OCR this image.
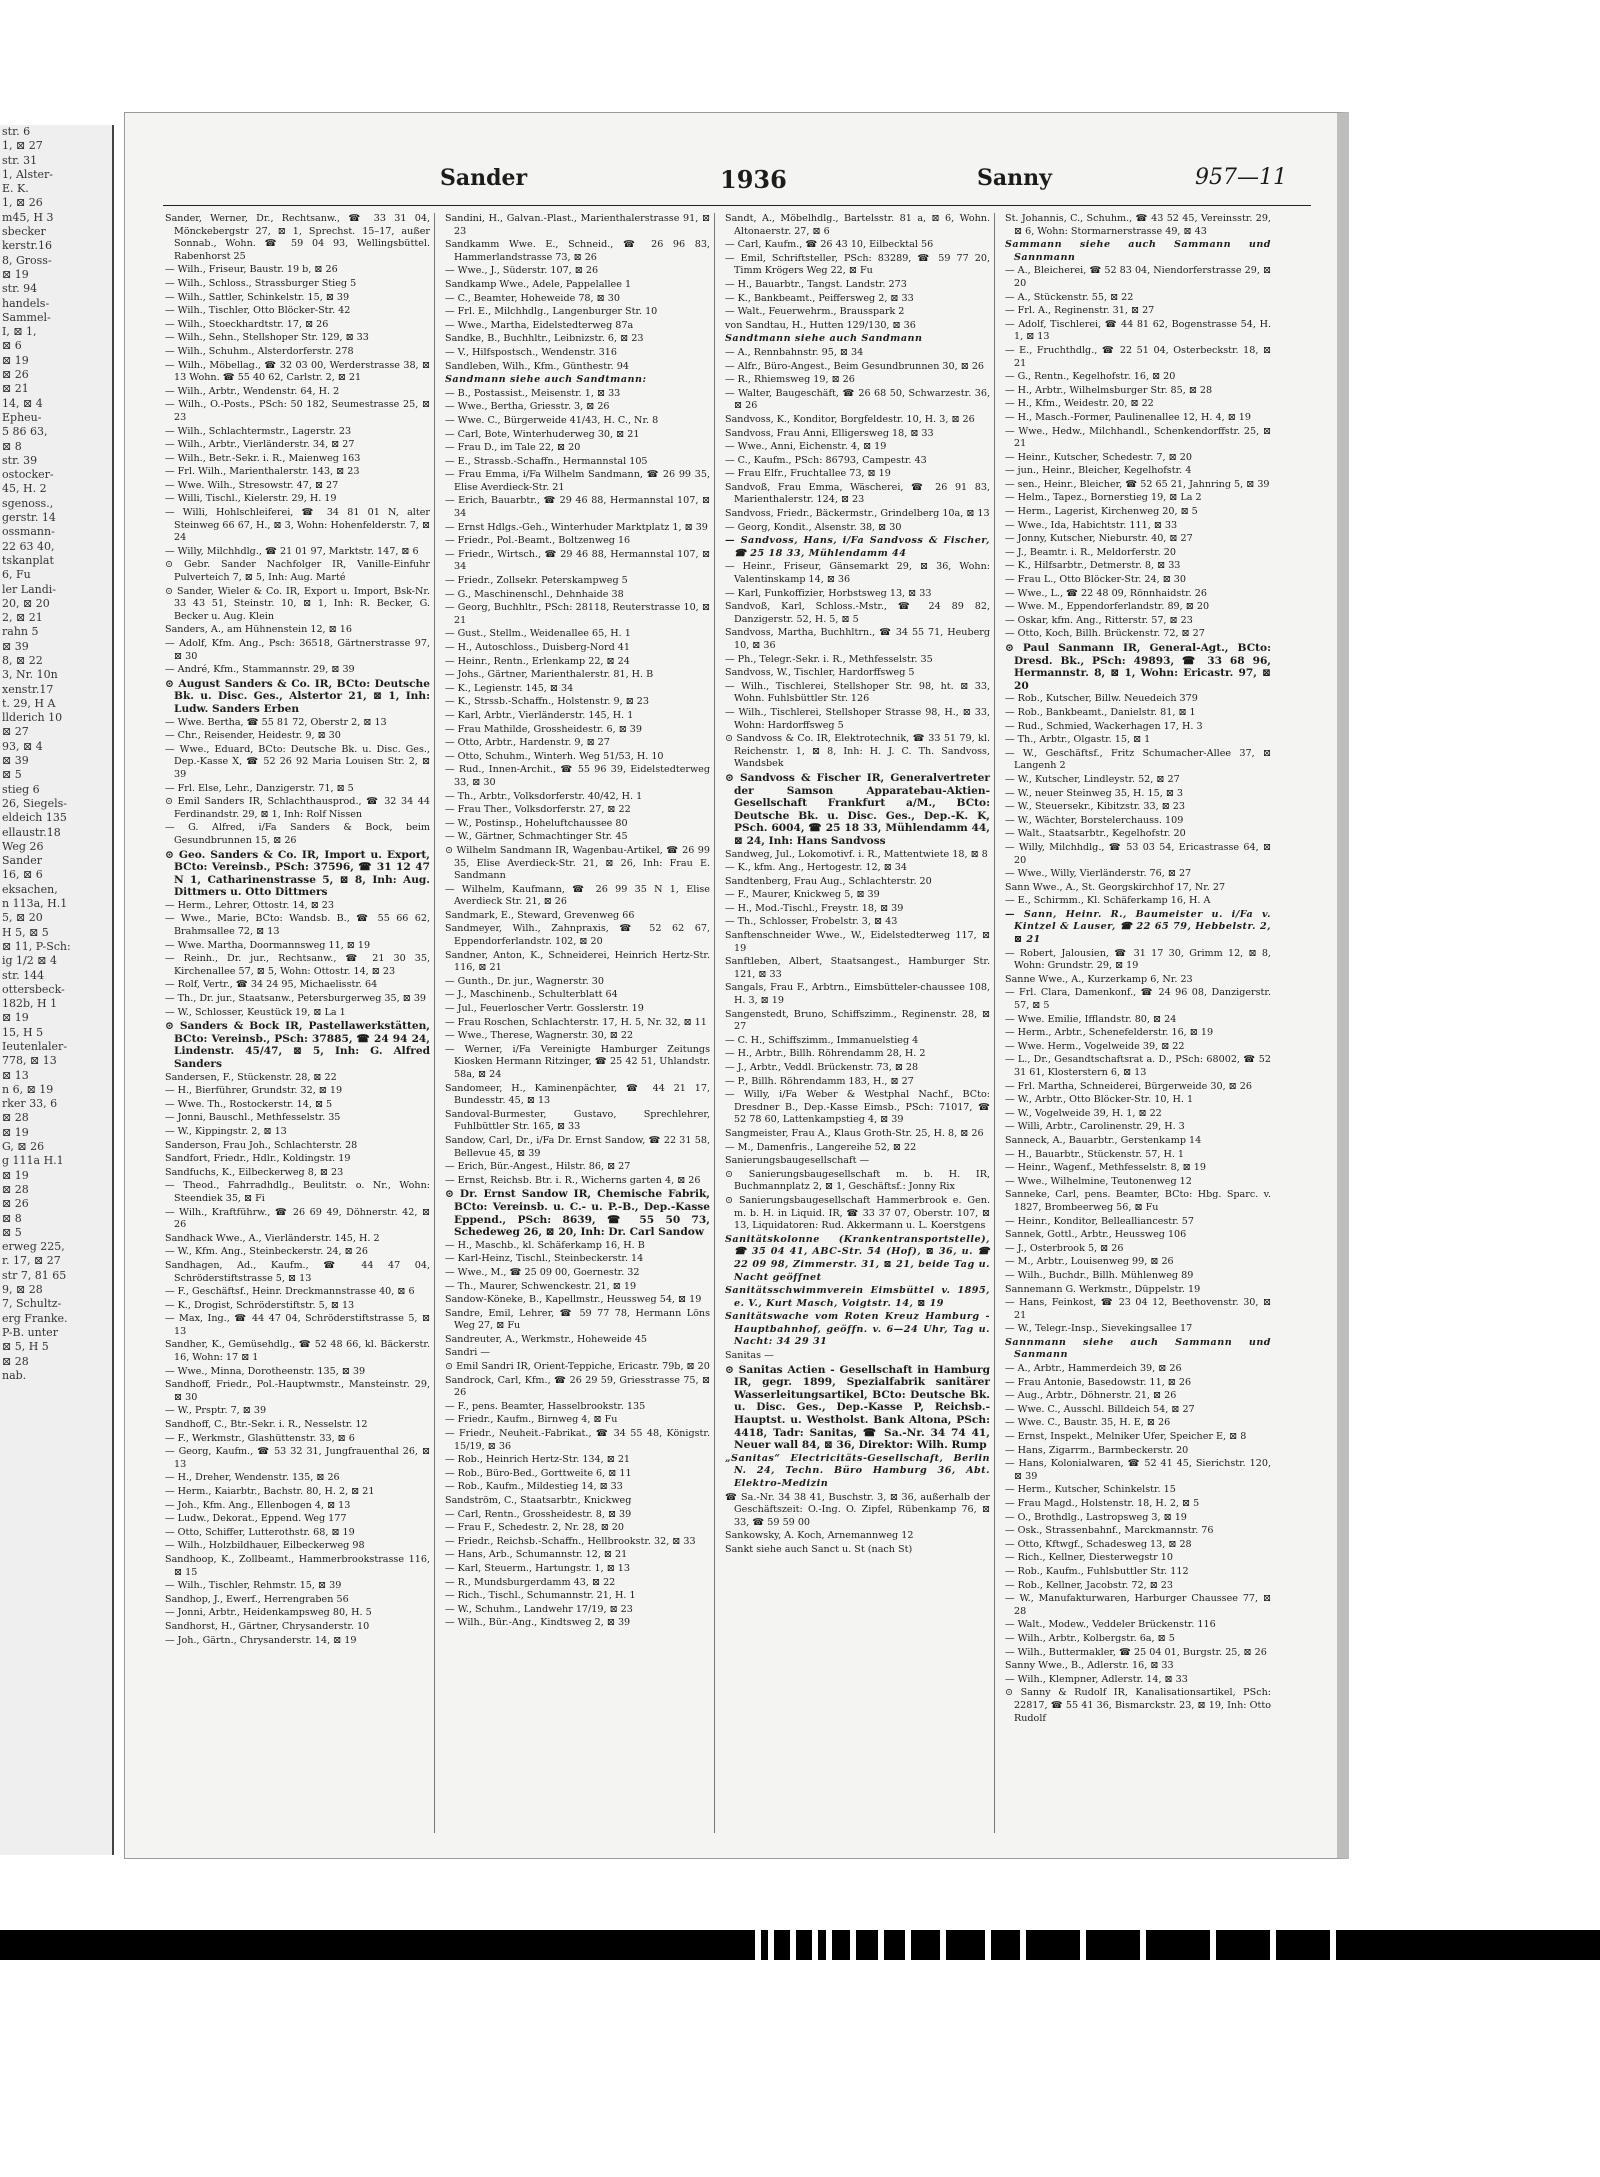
str. 6
1, ⊠ 27
str. 31
1, Alster-
E. K.
1, ⊠ 26
m45, H 3
sbecker
kerstr.16
8, Gross-
⊠ 19
str. 94
handels-
Sammel-
I, ⊠ 1,
⊠ 6
⊠ 19
⊠ 26
⊠ 21
14, ⊠ 4
Epheu-
5 86 63,
⊠ 8
str. 39
ostocker-
45, H. 2
sgenoss.,
gerstr. 14
ossmann-
22 63 40,
tskanplat
6, Fu
ler Landi-
20, ⊠ 20
2, ⊠ 21
rahn 5
⊠ 39
8, ⊠ 22
3, Nr. 10n
xenstr.17
t. 29, H A
llderich 10
⊠ 27
93, ⊠ 4
⊠ 39
⊠ 5
stieg 6
26, Siegels-
eldeich 135
ellaustr.18
Weg 26
Sander
16, ⊠ 6
eksachen,
n 113a, H.1
5, ⊠ 20
H 5, ⊠ 5
⊠ 11, P-Sch:
ig 1/2 ⊠ 4
str. 144
ottersbeck-
182b, H 1
⊠ 19
15, H 5
Ieutenlaler-
778, ⊠ 13
⊠ 13
n 6, ⊠ 19
rker 33, 6
⊠ 28
⊠ 19
G, ⊠ 26
g 111a H.1
⊠ 19
⊠ 28
⊠ 26
⊠ 8
⊠ 5
erweg 225,
r. 17, ⊠ 27
str 7, 81 65
9, ⊠ 28
7, Schultz-
erg Franke.
P-B. unter
⊠ 5, H 5
⊠ 28
nab.
Sander	1936	Sanny	957—11
Sander, Werner, Dr., Rechtsanw., ☎ 33 31 04, Mönckebergstr 27, ⊠ 1, Sprechst. 15–17, außer Sonnab., Wohn. ☎ 59 04 93, Wellingsbüttel. Rabenhorst 25
— Wilh., Friseur, Baustr. 19 b, ⊠ 26
— Wilh., Schloss., Strassburger Stieg 5
— Wilh., Sattler, Schinkelstr. 15, ⊠ 39
— Wilh., Tischler, Otto Blöcker-Str. 42
— Wilh., Stoeckhardtstr. 17, ⊠ 26
— Wilh., Sehn., Stellshoper Str. 129, ⊠ 33
— Wilh., Schuhm., Alsterdorferstr. 278
— Wilh., Möbellag., ☎ 32 03 00, Werderstrasse 38, ⊠ 13 Wohn. ☎ 55 40 62, Carlstr. 2, ⊠ 21
— Wilh., Arbtr., Wendenstr. 64, H. 2
— Wilh., O.-Posts., PSch: 50 182, Seumestrasse 25, ⊠ 23
— Wilh., Schlachtermstr., Lagerstr. 23
— Wilh., Arbtr., Vierländerstr. 34, ⊠ 27
— Wilh., Betr.-Sekr. i. R., Maienweg 163
— Frl. Wilh., Marienthalerstr. 143, ⊠ 23
— Wwe. Wilh., Stresowstr. 47, ⊠ 27
— Willi, Tischl., Kielerstr. 29, H. 19
— Willi, Hohlschleiferei, ☎ 34 81 01 N, alter Steinweg 66 67, H., ⊠ 3, Wohn: Hohenfelderstr. 7, ⊠ 24
— Willy, Milchhdlg., ☎ 21 01 97, Marktstr. 147, ⊠ 6
⊙ Gebr. Sander Nachfolger IR, Vanille-Einfuhr Pulverteich 7, ⊠ 5, Inh: Aug. Marté
⊙ Sander, Wieler & Co. IR, Export u. Import, Bsk-Nr. 33 43 51, Steinstr. 10, ⊠ 1, Inh: R. Becker, G. Becker u. Aug. Klein
Sanders, A., am Hühnenstein 12, ⊠ 16
— Adolf, Kfm. Ang., Psch: 36518, Gärtnerstrasse 97, ⊠ 30
— André, Kfm., Stammannstr. 29, ⊠ 39
⊙ August Sanders & Co. IR, BCto: Deutsche Bk. u. Disc. Ges., Alstertor 21, ⊠ 1, Inh: Ludw. Sanders Erben
— Wwe. Bertha, ☎ 55 81 72, Oberstr 2, ⊠ 13
— Chr., Reisender, Heidestr. 9, ⊠ 30
— Wwe., Eduard, BCto: Deutsche Bk. u. Disc. Ges., Dep.-Kasse X, ☎ 52 26 92 Maria Louisen Str. 2, ⊠ 39
— Frl. Else, Lehr., Danzigerstr. 71, ⊠ 5
⊙ Emil Sanders IR, Schlachthausprod., ☎ 32 34 44 Ferdinandstr. 29, ⊠ 1, Inh: Rolf Nissen
— G. Alfred, i/Fa Sanders & Bock, beim Gesundbrunnen 15, ⊠ 26
⊙ Geo. Sanders & Co. IR, Import u. Export, BCto: Vereinsb., PSch: 37596, ☎ 31 12 47 N 1, Catharinenstrasse 5, ⊠ 8, Inh: Aug. Dittmers u. Otto Dittmers
— Herm., Lehrer, Ottostr. 14, ⊠ 23
— Wwe., Marie, BCto: Wandsb. B., ☎ 55 66 62, Brahmsallee 72, ⊠ 13
— Wwe. Martha, Doormannsweg 11, ⊠ 19
— Reinh., Dr. jur., Rechtsanw., ☎ 21 30 35, Kirchenallee 57, ⊠ 5, Wohn: Ottostr. 14, ⊠ 23
— Rolf, Vertr., ☎ 34 24 95, Michaelisstr. 64
— Th., Dr. jur., Staatsanw., Petersburgerweg 35, ⊠ 39
— W., Schlosser, Keustück 19, ⊠ La 1
⊙ Sanders & Bock IR, Pastellawerkstätten, BCto: Vereinsb., PSch: 37885, ☎ 24 94 24, Lindenstr. 45/47, ⊠ 5, Inh: G. Alfred Sanders
Sandersen, F., Stückenstr. 28, ⊠ 22
— H., Bierführer, Grundstr. 32, ⊠ 19
— Wwe. Th., Rostockerstr. 14, ⊠ 5
— Jonni, Bauschl., Methfesselstr. 35
— W., Kippingstr. 2, ⊠ 13
Sanderson, Frau Joh., Schlachterstr. 28
Sandfort, Friedr., Hdlr., Koldingstr. 19
Sandfuchs, K., Eilbeckerweg 8, ⊠ 23
— Theod., Fahrradhdlg., Beulitstr. o. Nr., Wohn: Steendiek 35, ⊠ Fi
— Wilh., Kraftführw., ☎ 26 69 49, Döhnerstr. 42, ⊠ 26
Sandhack Wwe., A., Vierländerstr. 145, H. 2
— W., Kfm. Ang., Steinbeckerstr. 24, ⊠ 26
Sandhagen, Ad., Kaufm., ☎ 44 47 04, Schröderstiftstrasse 5, ⊠ 13
— F., Geschäftsf., Heinr. Dreckmannstrasse 40, ⊠ 6
— K., Drogist, Schröderstiftstr. 5, ⊠ 13
— Max, Ing., ☎ 44 47 04, Schröderstiftstrasse 5, ⊠ 13
Sandher, K., Gemüsehdlg., ☎ 52 48 66, kl. Bäckerstr. 16, Wohn: 17 ⊠ 1
— Wwe., Minna, Dorotheenstr. 135, ⊠ 39
Sandhoff, Friedr., Pol.-Hauptwmstr., Mansteinstr. 29, ⊠ 30
— W., Prsptr. 7, ⊠ 39
Sandhoff, C., Btr.-Sekr. i. R., Nesselstr. 12
— F., Werkmstr., Glashüttenstr. 33, ⊠ 6
— Georg, Kaufm., ☎ 53 32 31, Jungfrauenthal 26, ⊠ 13
— H., Dreher, Wendenstr. 135, ⊠ 26
— Herm., Kaiarbtr., Bachstr. 80, H. 2, ⊠ 21
— Joh., Kfm. Ang., Ellenbogen 4, ⊠ 13
— Ludw., Dekorat., Eppend. Weg 177
— Otto, Schiffer, Lutterothstr. 68, ⊠ 19
— Wilh., Holzbildhauer, Eilbeckerweg 98
Sandhoop, K., Zollbeamt., Hammerbrookstrasse 116, ⊠ 15
— Wilh., Tischler, Rehmstr. 15, ⊠ 39
Sandhop, J., Ewerf., Herrengraben 56
— Jonni, Arbtr., Heidenkampsweg 80, H. 5
Sandhorst, H., Gärtner, Chrysanderstr. 10
— Joh., Gärtn., Chrysanderstr. 14, ⊠ 19
Sandini, H., Galvan.-Plast., Marienthalerstrasse 91, ⊠ 23
Sandkamm Wwe. E., Schneid., ☎ 26 96 83, Hammerlandstrasse 73, ⊠ 26
— Wwe., J., Süderstr. 107, ⊠ 26
Sandkamp Wwe., Adele, Pappelallee 1
— C., Beamter, Hoheweide 78, ⊠ 30
— Frl. E., Milchhdlg., Langenburger Str. 10
— Wwe., Martha, Eidelstedterweg 87a
Sandke, B., Buchhltr., Leibnizstr. 6, ⊠ 23
— V., Hilfspostsch., Wendenstr. 316
Sandleben, Wilh., Kfm., Günthestr. 94
Sandmann siehe auch Sandtmann:
— B., Postassist., Meisenstr. 1, ⊠ 33
— Wwe., Bertha, Griesstr. 3, ⊠ 26
— Wwe. C., Bürgerweide 41/43, H. C., Nr. 8
— Carl, Bote, Winterhuderweg 30, ⊠ 21
— Frau D., im Tale 22, ⊠ 20
— E., Strassb.-Schaffn., Hermannstal 105
— Frau Emma, i/Fa Wilhelm Sandmann, ☎ 26 99 35, Elise Averdieck-Str. 21
— Erich, Bauarbtr., ☎ 29 46 88, Hermannstal 107, ⊠ 34
— Ernst Hdlgs.-Geh., Winterhuder Marktplatz 1, ⊠ 39
— Friedr., Pol.-Beamt., Boltzenweg 16
— Friedr., Wirtsch., ☎ 29 46 88, Hermannstal 107, ⊠ 34
— Friedr., Zollsekr. Peterskampweg 5
— G., Maschinenschl., Dehnhaide 38
— Georg, Buchhltr., PSch: 28118, Reuterstrasse 10, ⊠ 21
— Gust., Stellm., Weidenallee 65, H. 1
— H., Autoschloss., Duisberg-Nord 41
— Heinr., Rentn., Erlenkamp 22, ⊠ 24
— Johs., Gärtner, Marienthalerstr. 81, H. B
— K., Legienstr. 145, ⊠ 34
— K., Strssb.-Schaffn., Holstenstr. 9, ⊠ 23
— Karl, Arbtr., Vierländerstr. 145, H. 1
— Frau Mathilde, Grossheidestr. 6, ⊠ 39
— Otto, Arbtr., Hardenstr. 9, ⊠ 27
— Otto, Schuhm., Winterh. Weg 51/53, H. 10
— Rud., Innen-Archit., ☎ 55 96 39, Eidelstedterweg 33, ⊠ 30
— Th., Arbtr., Volksdorferstr. 40/42, H. 1
— Frau Ther., Volksdorferstr. 27, ⊠ 22
— W., Postinsp., Hoheluftchaussee 80
— W., Gärtner, Schmachtinger Str. 45
⊙ Wilhelm Sandmann IR, Wagenbau-Artikel, ☎ 26 99 35, Elise Averdieck-Str. 21, ⊠ 26, Inh: Frau E. Sandmann
— Wilhelm, Kaufmann, ☎ 26 99 35 N 1, Elise Averdieck Str. 21, ⊠ 26
Sandmark, E., Steward, Grevenweg 66
Sandmeyer, Wilh., Zahnpraxis, ☎ 52 62 67, Eppendorferlandstr. 102, ⊠ 20
Sandner, Anton, K., Schneiderei, Heinrich Hertz-Str. 116, ⊠ 21
— Gunth., Dr. jur., Wagnerstr. 30
— J., Maschinenb., Schulterblatt 64
— Jul., Feuerloscher Vertr. Gosslerstr. 19
— Frau Roschen, Schlachterstr. 17, H. 5, Nr. 32, ⊠ 11
— Wwe., Therese, Wagnerstr. 30, ⊠ 22
— Werner, i/Fa Vereinigte Hamburger Zeitungs Kiosken Hermann Ritzinger, ☎ 25 42 51, Uhlandstr. 58a, ⊠ 24
Sandomeer, H., Kaminenpächter, ☎ 44 21 17, Bundesstr. 45, ⊠ 13
Sandoval-Burmester, Gustavo, Sprechlehrer, Fuhlbüttler Str. 165, ⊠ 33
Sandow, Carl, Dr., i/Fa Dr. Ernst Sandow, ☎ 22 31 58, Bellevue 45, ⊠ 39
— Erich, Bür.-Angest., Hilstr. 86, ⊠ 27
— Ernst, Reichsb. Btr. i. R., Wicherns garten 4, ⊠ 26
⊙ Dr. Ernst Sandow IR, Chemische Fabrik, BCto: Vereinsb. u. C.- u. P.-B., Dep.-Kasse Eppend., PSch: 8639, ☎ 55 50 73, Schedeweg 26, ⊠ 20, Inh: Dr. Carl Sandow
— H., Maschb., kl. Schäferkamp 16, H. B
— Karl-Heinz, Tischl., Steinbeckerstr. 14
— Wwe., M., ☎ 25 09 00, Goernestr. 32
— Th., Maurer, Schwenckestr. 21, ⊠ 19
Sandow-Köneke, B., Kapellmstr., Heussweg 54, ⊠ 19
Sandre, Emil, Lehrer, ☎ 59 77 78, Hermann Löns Weg 27, ⊠ Fu
Sandreuter, A., Werkmstr., Hoheweide 45
Sandri —
⊙ Emil Sandri IR, Orient-Teppiche, Ericastr. 79b, ⊠ 20
Sandrock, Carl, Kfm., ☎ 26 29 59, Griesstrasse 75, ⊠ 26
— F., pens. Beamter, Hasselbrookstr. 135
— Friedr., Kaufm., Birnweg 4, ⊠ Fu
— Friedr., Neuheit.-Fabrikat., ☎ 34 55 48, Königstr. 15/19, ⊠ 36
— Rob., Heinrich Hertz-Str. 134, ⊠ 21
— Rob., Büro-Bed., Gorttweite 6, ⊠ 11
— Rob., Kaufm., Mildestieg 14, ⊠ 33
Sandström, C., Staatsarbtr., Knickweg
— Carl, Rentn., Grossheidestr. 8, ⊠ 39
— Frau F., Schedestr. 2, Nr. 28, ⊠ 20
— Friedr., Reichsb.-Schaffn., Hellbrookstr. 32, ⊠ 33
— Hans, Arb., Schumannstr. 12, ⊠ 21
— Karl, Steuerm., Hartungstr. 1, ⊠ 13
— R., Mundsburgerdamm 43, ⊠ 22
— Rich., Tischl., Schumannstr. 21, H. 1
— W., Schuhm., Landwehr 17/19, ⊠ 23
— Wilh., Bür.-Ang., Kindtsweg 2, ⊠ 39
Sandt, A., Möbelhdlg., Bartelsstr. 81 a, ⊠ 6, Wohn. Altonaerstr. 27, ⊠ 6
— Carl, Kaufm., ☎ 26 43 10, Eilbecktal 56
— Emil, Schriftsteller, PSch: 83289, ☎ 59 77 20, Timm Krögers Weg 22, ⊠ Fu
— H., Bauarbtr., Tangst. Landstr. 273
— K., Bankbeamt., Peiffersweg 2, ⊠ 33
— Walt., Feuerwehrm., Brausspark 2
von Sandtau, H., Hutten 129/130, ⊠ 36
Sandtmann siehe auch Sandmann
— A., Rennbahnstr. 95, ⊠ 34
— Alfr., Büro-Angest., Beim Gesundbrunnen 30, ⊠ 26
— R., Rhiemsweg 19, ⊠ 26
— Walter, Baugeschäft, ☎ 26 68 50, Schwarzestr. 36, ⊠ 26
Sandvoss, K., Konditor, Borgfeldestr. 10, H. 3, ⊠ 26
Sandvoss, Frau Anni, Elligersweg 18, ⊠ 33
— Wwe., Anni, Eichenstr. 4, ⊠ 19
— C., Kaufm., PSch: 86793, Campestr. 43
— Frau Elfr., Fruchtallee 73, ⊠ 19
Sandvoß, Frau Emma, Wäscherei, ☎ 26 91 83, Marienthalerstr. 124, ⊠ 23
Sandvoss, Friedr., Bäckermstr., Grindelberg 10a, ⊠ 13
— Georg, Kondit., Alsenstr. 38, ⊠ 30
— Sandvoss, Hans, i/Fa Sandvoss & Fischer, ☎ 25 18 33, Mühlendamm 44
— Heinr., Friseur, Gänsemarkt 29, ⊠ 36, Wohn: Valentinskamp 14, ⊠ 36
— Karl, Funkoffizier, Horbstsweg 13, ⊠ 33
Sandvoß, Karl, Schloss.-Mstr., ☎ 24 89 82, Danzigerstr. 52, H. 5, ⊠ 5
Sandvoss, Martha, Buchhltrn., ☎ 34 55 71, Heuberg 10, ⊠ 36
— Ph., Telegr.-Sekr. i. R., Methfesselstr. 35
Sandvoss, W., Tischler, Hardorffsweg 5
— Wilh., Tischlerei, Stellshoper Str. 98, ht. ⊠ 33, Wohn. Fuhlsbüttler Str. 126
— Wilh., Tischlerei, Stellshoper Strasse 98, H., ⊠ 33, Wohn: Hardorffsweg 5
⊙ Sandvoss & Co. IR, Elektrotechnik, ☎ 33 51 79, kl. Reichenstr. 1, ⊠ 8, Inh: H. J. C. Th. Sandvoss, Wandsbek
⊙ Sandvoss & Fischer IR, Generalvertreter der Samson Apparatebau-Aktien-Gesellschaft Frankfurt a/M., BCto: Deutsche Bk. u. Disc. Ges., Dep.-K. K, PSch. 6004, ☎ 25 18 33, Mühlendamm 44, ⊠ 24, Inh: Hans Sandvoss
Sandweg, Jul., Lokomotivf. i. R., Mattentwiete 18, ⊠ 8
— K., kfm. Ang., Hertogestr. 12, ⊠ 34
Sandtenberg, Frau Aug., Schlachterstr. 20
— F., Maurer, Knickweg 5, ⊠ 39
— H., Mod.-Tischl., Freystr. 18, ⊠ 39
— Th., Schlosser, Frobelstr. 3, ⊠ 43
Sanftenschneider Wwe., W., Eidelstedterweg 117, ⊠ 19
Sanftleben, Albert, Staatsangest., Hamburger Str. 121, ⊠ 33
Sangals, Frau F., Arbtrn., Eimsbütteler-chaussee 108, H. 3, ⊠ 19
Sangenstedt, Bruno, Schiffszimm., Reginenstr. 28, ⊠ 27
— C. H., Schiffszimm., Immanuelstieg 4
— H., Arbtr., Billh. Röhrendamm 28, H. 2
— J., Arbtr., Veddl. Brückenstr. 73, ⊠ 28
— P., Billh. Röhrendamm 183, H., ⊠ 27
— Willy, i/Fa Weber & Westphal Nachf., BCto: Dresdner B., Dep.-Kasse Eimsb., PSch: 71017, ☎ 52 78 60, Lattenkampstieg 4, ⊠ 39
Sangmeister, Frau A., Klaus Groth-Str. 25, H. 8, ⊠ 26
— M., Damenfris., Langereihe 52, ⊠ 22
Sanierungsbaugesellschaft —
⊙ Sanierungsbaugesellschaft m. b. H. IR, Buchmannplatz 2, ⊠ 1, Geschäftsf.: Jonny Rix
⊙ Sanierungsbaugesellschaft Hammerbrook e. Gen. m. b. H. in Liquid. IR, ☎ 33 37 07, Oberstr. 107, ⊠ 13, Liquidatoren: Rud. Akkermann u. L. Koerstgens
Sanitätskolonne (Krankentransportstelle), ☎ 35 04 41, ABC-Str. 54 (Hof), ⊠ 36, u. ☎ 22 09 98, Zimmerstr. 31, ⊠ 21, beide Tag u. Nacht geöffnet
Sanitätsschwimmverein Eimsbüttel v. 1895, e. V., Kurt Masch, Voigtstr. 14, ⊠ 19
Sanitätswache vom Roten Kreuz Hamburg - Hauptbahnhof, geöffn. v. 6—24 Uhr, Tag u. Nacht: 34 29 31
Sanitas —
⊙ Sanitas Actien - Gesellschaft in Hamburg IR, gegr. 1899, Spezialfabrik sanitärer Wasserleitungsartikel, BCto: Deutsche Bk. u. Disc. Ges., Dep.-Kasse P, Reichsb.-Hauptst. u. Westholst. Bank Altona, PSch: 4418, Tadr: Sanitas, ☎ Sa.-Nr. 34 74 41, Neuer wall 84, ⊠ 36, Direktor: Wilh. Rump
„Sanitas“ Electricitäts-Gesellschaft, Berlin N. 24, Techn. Büro Hamburg 36, Abt. Elektro-Medizin
☎ Sa.-Nr. 34 38 41, Buschstr. 3, ⊠ 36, außerhalb der Geschäftszeit: O.-Ing. O. Zipfel, Rübenkamp 76, ⊠ 33, ☎ 59 59 00
Sankowsky, A. Koch, Arnemannweg 12
Sankt siehe auch Sanct u. St (nach St)
St. Johannis, C., Schuhm., ☎ 43 52 45, Vereinsstr. 29, ⊠ 6, Wohn: Stormarnerstrasse 49, ⊠ 43
Sammann siehe auch Sammann und Sannmann
— A., Bleicherei, ☎ 52 83 04, Niendorferstrasse 29, ⊠ 20
— A., Stückenstr. 55, ⊠ 22
— Frl. A., Reginenstr. 31, ⊠ 27
— Adolf, Tischlerei, ☎ 44 81 62, Bogenstrasse 54, H. 1, ⊠ 13
— E., Fruchthdlg., ☎ 22 51 04, Osterbeckstr. 18, ⊠ 21
— G., Rentn., Kegelhofstr. 16, ⊠ 20
— H., Arbtr., Wilhelmsburger Str. 85, ⊠ 28
— H., Kfm., Weidestr. 20, ⊠ 22
— H., Masch.-Former, Paulinenallee 12, H. 4, ⊠ 19
— Wwe., Hedw., Milchhandl., Schenkendorffstr. 25, ⊠ 21
— Heinr., Kutscher, Schedestr. 7, ⊠ 20
— jun., Heinr., Bleicher, Kegelhofstr. 4
— sen., Heinr., Bleicher, ☎ 52 65 21, Jahnring 5, ⊠ 39
— Helm., Tapez., Bornerstieg 19, ⊠ La 2
— Herm., Lagerist, Kirchenweg 20, ⊠ 5
— Wwe., Ida, Habichtstr. 111, ⊠ 33
— Jonny, Kutscher, Nieburstr. 40, ⊠ 27
— J., Beamtr. i. R., Meldorferstr. 20
— K., Hilfsarbtr., Detmerstr. 8, ⊠ 33
— Frau L., Otto Blöcker-Str. 24, ⊠ 30
— Wwe., L., ☎ 22 48 09, Rönnhaidstr. 26
— Wwe. M., Eppendorferlandstr. 89, ⊠ 20
— Oskar, kfm. Ang., Ritterstr. 57, ⊠ 23
— Otto, Koch, Billh. Brückenstr. 72, ⊠ 27
⊙ Paul Sanmann IR, General-Agt., BCto: Dresd. Bk., PSch: 49893, ☎ 33 68 96, Hermannstr. 8, ⊠ 1, Wohn: Ericastr. 97, ⊠ 20
— Rob., Kutscher, Billw. Neuedeich 379
— Rob., Bankbeamt., Danielstr. 81, ⊠ 1
— Rud., Schmied, Wackerhagen 17, H. 3
— Th., Arbtr., Olgastr. 15, ⊠ 1
— W., Geschäftsf., Fritz Schumacher-Allee 37, ⊠ Langenh 2
— W., Kutscher, Lindleystr. 52, ⊠ 27
— W., neuer Steinweg 35, H. 15, ⊠ 3
— W., Steuersekr., Kibitzstr. 33, ⊠ 23
— W., Wächter, Borstelerchauss. 109
— Walt., Staatsarbtr., Kegelhofstr. 20
— Willy, Milchhdlg., ☎ 53 03 54, Ericastrasse 64, ⊠ 20
— Wwe., Willy, Vierländerstr. 76, ⊠ 27
Sann Wwe., A., St. Georgskirchhof 17, Nr. 27
— E., Schirmm., Kl. Schäferkamp 16, H. A
— Sann, Heinr. R., Baumeister u. i/Fa v. Kintzel & Lauser, ☎ 22 65 79, Hebbelstr. 2, ⊠ 21
— Robert, Jalousien, ☎ 31 17 30, Grimm 12, ⊠ 8, Wohn: Grundstr. 29, ⊠ 19
Sanne Wwe., A., Kurzerkamp 6, Nr. 23
— Frl. Clara, Damenkonf., ☎ 24 96 08, Danzigerstr. 57, ⊠ 5
— Wwe. Emilie, Ifflandstr. 80, ⊠ 24
— Herm., Arbtr., Schenefelderstr. 16, ⊠ 19
— Wwe. Herm., Vogelweide 39, ⊠ 22
— L., Dr., Gesandtschaftsrat a. D., PSch: 68002, ☎ 52 31 61, Klosterstern 6, ⊠ 13
— Frl. Martha, Schneiderei, Bürgerweide 30, ⊠ 26
— W., Arbtr., Otto Blöcker-Str. 10, H. 1
— W., Vogelweide 39, H. 1, ⊠ 22
— Willi, Arbtr., Carolinenstr. 29, H. 3
Sanneck, A., Bauarbtr., Gerstenkamp 14
— H., Bauarbtr., Stückenstr. 57, H. 1
— Heinr., Wagenf., Methfesselstr. 8, ⊠ 19
— Wwe., Wilhelmine, Teutonenweg 12
Sanneke, Carl, pens. Beamter, BCto: Hbg. Sparc. v. 1827, Brombeerweg 56, ⊠ Fu
— Heinr., Konditor, Bellealliancestr. 57
Sannek, Gottl., Arbtr., Heussweg 106
— J., Osterbrook 5, ⊠ 26
— M., Arbtr., Louisenweg 99, ⊠ 26
— Wilh., Buchdr., Billh. Mühlenweg 89
Sannemann G. Werkmstr., Düppelstr. 19
— Hans, Feinkost, ☎ 23 04 12, Beethovenstr. 30, ⊠ 21
— W., Telegr.-Insp., Sievekingsallee 17
Sannmann siehe auch Sammann und Sanmann
— A., Arbtr., Hammerdeich 39, ⊠ 26
— Frau Antonie, Basedowstr. 11, ⊠ 26
— Aug., Arbtr., Döhnerstr. 21, ⊠ 26
— Wwe. C., Ausschl. Billdeich 54, ⊠ 27
— Wwe. C., Baustr. 35, H. E, ⊠ 26
— Ernst, Inspekt., Melniker Ufer, Speicher E, ⊠ 8
— Hans, Zigarrm., Barmbeckerstr. 20
— Hans, Kolonialwaren, ☎ 52 41 45, Sierichstr. 120, ⊠ 39
— Herm., Kutscher, Schinkelstr. 15
— Frau Magd., Holstenstr. 18, H. 2, ⊠ 5
— O., Brothdlg., Lastropsweg 3, ⊠ 19
— Osk., Strassenbahnf., Marckmannstr. 76
— Otto, Kftwgf., Schadesweg 13, ⊠ 28
— Rich., Kellner, Diesterwegstr 10
— Rob., Kaufm., Fuhlsbuttler Str. 112
— Rob., Kellner, Jacobstr. 72, ⊠ 23
— W., Manufakturwaren, Harburger Chaussee 77, ⊠ 28
— Walt., Modew., Veddeler Brückenstr. 116
— Wilh., Arbtr., Kolbergstr. 6a, ⊠ 5
— Wilh., Buttermakler, ☎ 25 04 01, Burgstr. 25, ⊠ 26
Sanny Wwe., B., Adlerstr. 16, ⊠ 33
— Wilh., Klempner, Adlerstr. 14, ⊠ 33
⊙ Sanny & Rudolf IR, Kanalisationsartikel, PSch: 22817, ☎ 55 41 36, Bismarckstr. 23, ⊠ 19, Inh: Otto Rudolf
